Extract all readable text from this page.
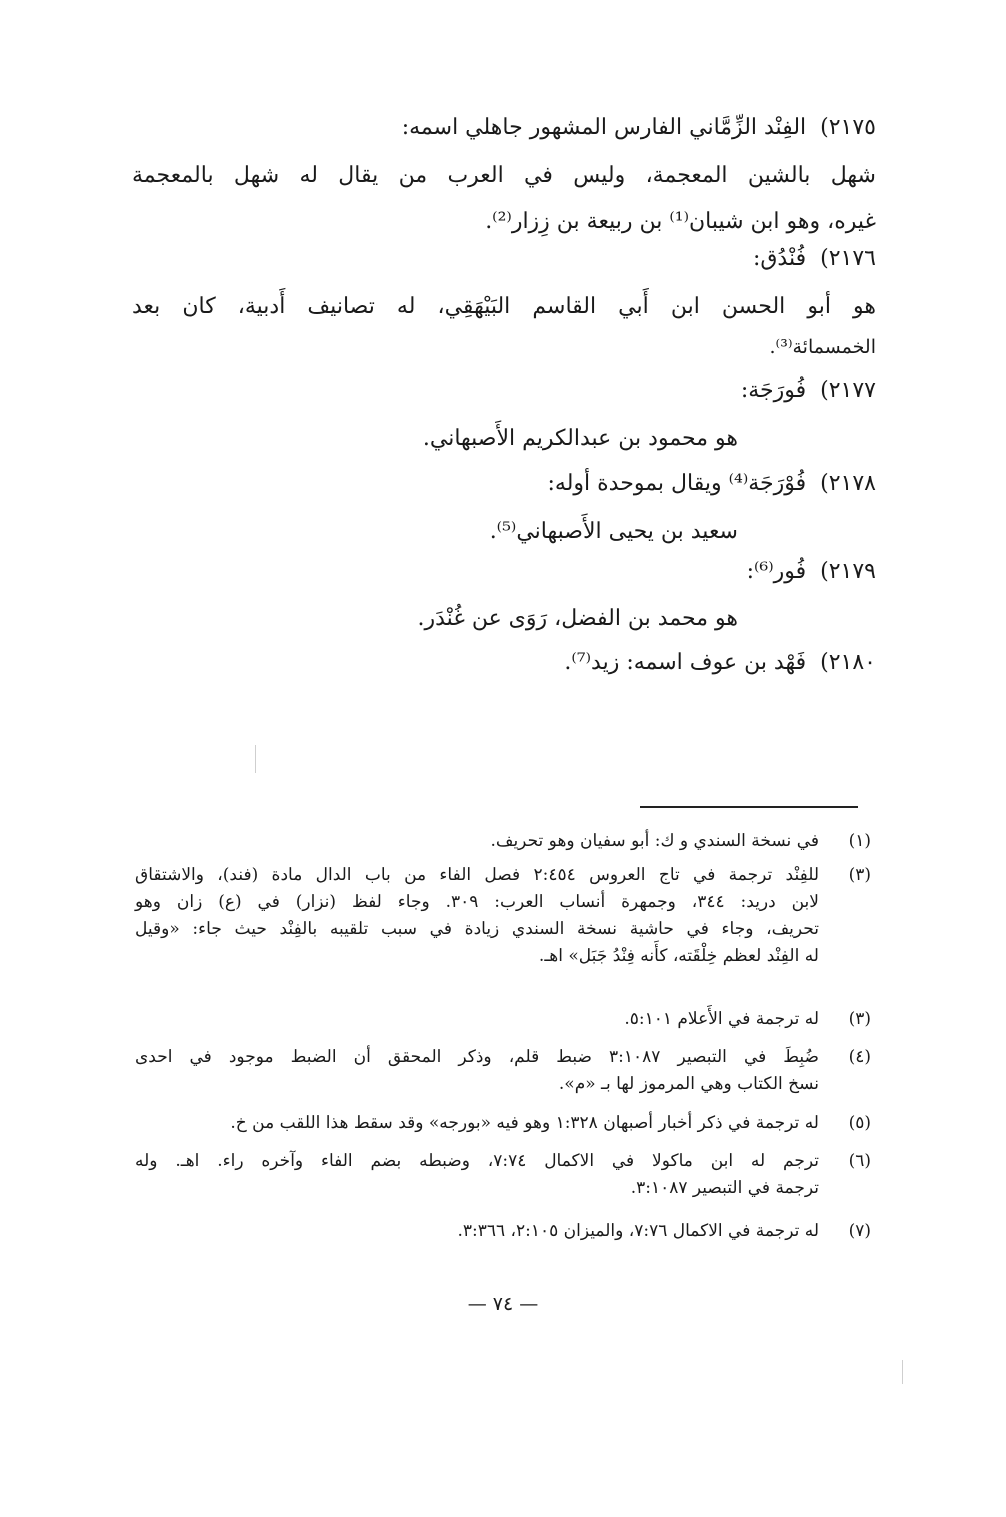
٢١٧٥)الفِنْد الزِّمَّاني الفارس المشهور جاهلي اسمه:
شهل بالشين المعجمة، وليس في العرب من يقال له شهل بالمعجمة
غيره، وهو ابن شيبان⁽¹⁾ بن ربيعة بن زِزار⁽²⁾.
٢١٧٦)فُنْدُق:
هو أبو الحسن ابن أَبي القاسم البَيْهَقِي، له تصانيف أَدبية، كان بعد
الخمسمائة⁽³⁾.
٢١٧٧)فُورَجَة:
هو محمود بن عبدالكريم الأَصبهاني.
٢١٧٨)فُوْرَجَة⁽⁴⁾ ويقال بموحدة أوله:
سعيد بن يحيى الأَصبهاني⁽⁵⁾.
٢١٧٩)فُور⁽⁶⁾:
هو محمد بن الفضل، رَوَى عن غُنْدَر.
٢١٨٠)فَهْد بن عوف اسمه: زيد⁽⁷⁾.
(١)
في نسخة السندي و ك: أبو سفيان وهو تحريف.
(٣)
للفِنْد ترجمة في تاج العروس ٢:٤٥٤ فصل الفاء من باب الدال مادة (فند)، والاشتقاق
لابن دريد: ٣٤٤، وجمهرة أنساب العرب: ٣٠٩. وجاء لفظ (نزار) في (ع) زان وهو
تحريف، وجاء في حاشية نسخة السندي زيادة في سبب تلقيبه بالفِنْد حيث جاء: «وقيل
له الفِنْد لعظم خِلْقَته، كأَنه فِنْدُ جَبَل» اهـ.
(٣)
له ترجمة في الأَعلام ٥:١٠١.
(٤)
ضُبِطَ في التبصير ٣:١٠٨٧ ضبط قلم، وذكر المحقق أن الضبط موجود في احدى
نسخ الكتاب وهي المرموز لها بـ «م».
(٥)
له ترجمة في ذكر أخبار أصبهان ١:٣٢٨ وهو فيه «بورجه» وقد سقط هذا اللقب من خ.
(٦)
ترجم له ابن ماكولا في الاكمال ٧:٧٤، وضبطه بضم الفاء وآخره راء. اهـ. وله
ترجمة في التبصير ٣:١٠٨٧.
(٧)
له ترجمة في الاكمال ٧:٧٦، والميزان ٢:١٠٥، ٣:٣٦٦.
— ٧٤ —
